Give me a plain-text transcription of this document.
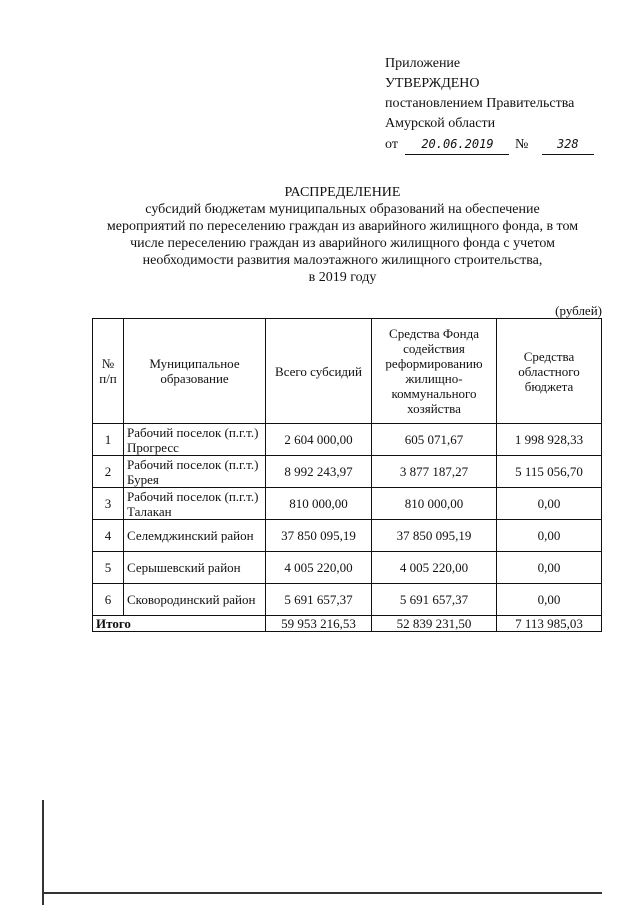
Приложение
УТВЕРЖДЕНО
постановлением Правительства
Амурской области
от 20.06.2019 № 328
РАСПРЕДЕЛЕНИЕ
субсидий бюджетам муниципальных образований на обеспечение
мероприятий по переселению граждан из аварийного жилищного фонда, в том
числе переселению граждан из аварийного жилищного фонда с учетом
необходимости развития малоэтажного жилищного строительства,
в 2019 году
(рублей)
№ п/п	Муниципальное образование	Всего субсидий	Средства Фонда содействия реформированию жилищно-коммунального хозяйства	Средства областного бюджета
1	Рабочий поселок (п.г.т.) Прогресс	2 604 000,00	605 071,67	1 998 928,33
2	Рабочий поселок (п.г.т.) Бурея	8 992 243,97	3 877 187,27	5 115 056,70
3	Рабочий поселок (п.г.т.) Талакан	810 000,00	810 000,00	0,00
4	Селемджинский район	37 850 095,19	37 850 095,19	0,00
5	Серышевский район	4 005 220,00	4 005 220,00	0,00
6	Сковородинский район	5 691 657,37	5 691 657,37	0,00
Итого		59 953 216,53	52 839 231,50	7 113 985,03
